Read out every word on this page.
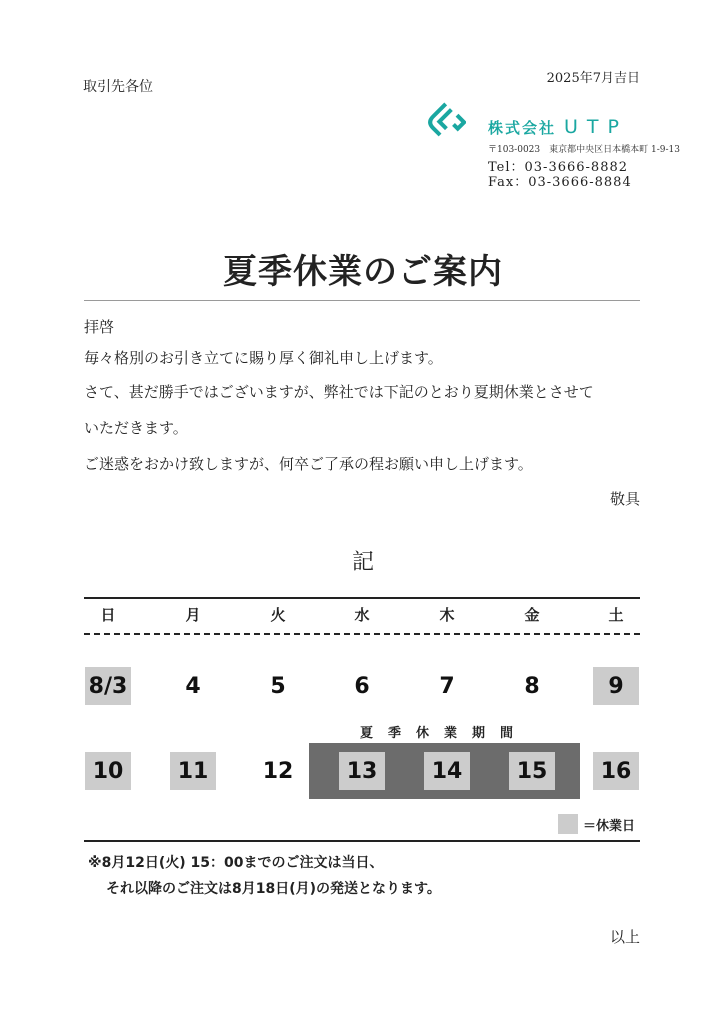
取引先各位
2025年7月吉日
株式会社 UTP
〒103-0023　東京都中央区日本橋本町 1-9-13
Tel：03-3666-8882
Fax：03-3666-8884
夏季休業のご案内
拝啓
毎々格別のお引き立てに賜り厚く御礼申し上げます。
さて、甚だ勝手ではございますが、弊社では下記のとおり夏期休業とさせて
いただきます。
ご迷惑をおかけ致しますが、何卒ご了承の程お願い申し上げます。
敬具
記
日	月	火	水	木	金	土
8/3	4	5	6	7	8	9
夏季休業期間
10	11	12	13	14	15	16
＝休業日
※8月12日(火) 15：00までのご注文は当日、
それ以降のご注文は8月18日(月)の発送となります。
以上
